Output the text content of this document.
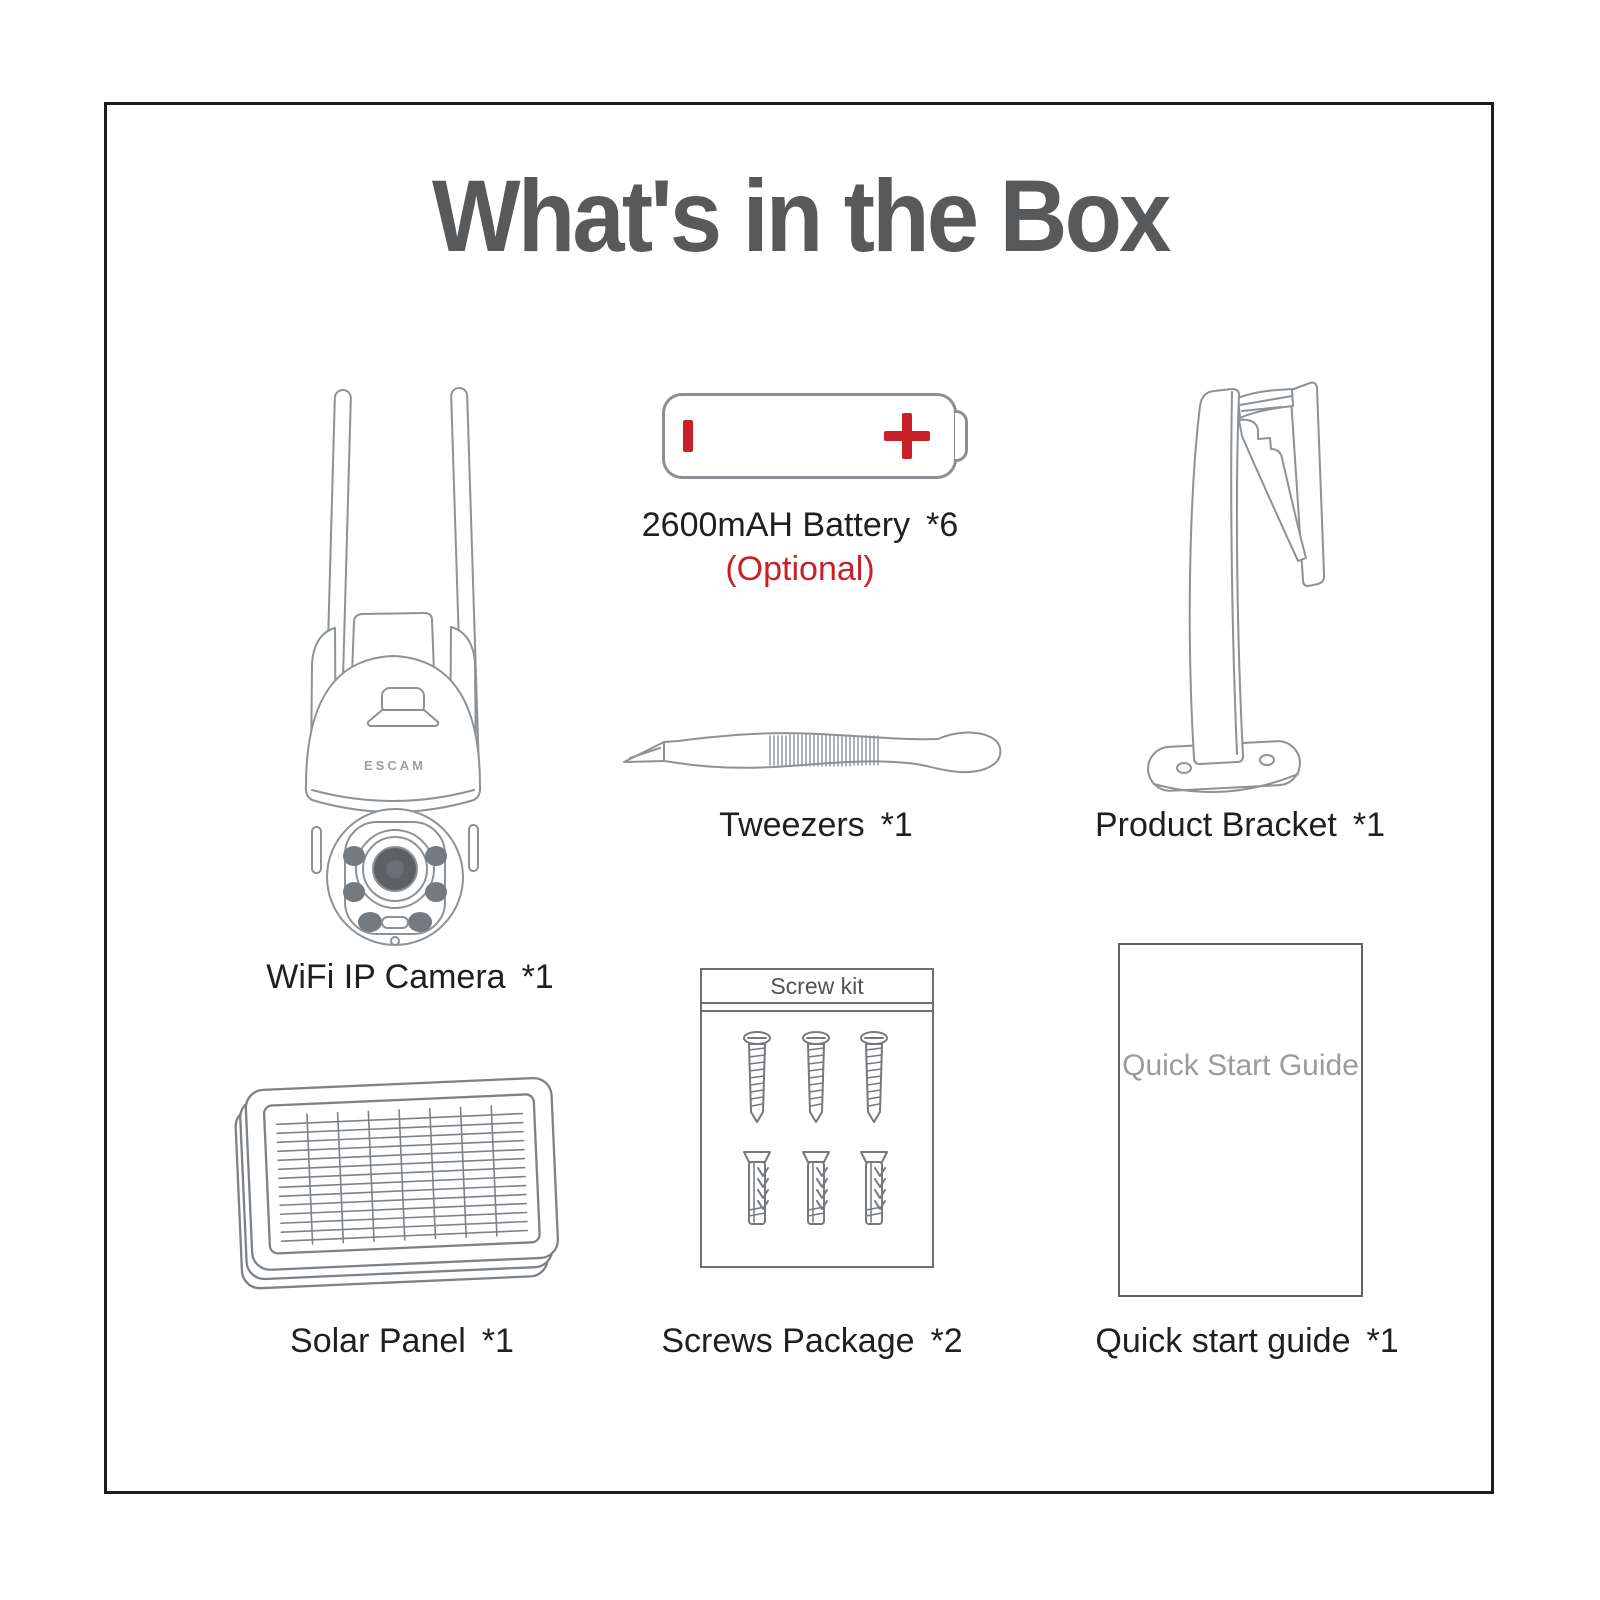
What's in the Box
ESCAM
WiFi IP Camera *1
2600mAH Battery *6
(Optional)
Tweezers *1	Product Bracket *1
Solar Panel *1
Screw kit
Screws Package *2
Quick Start Guide
Quick start guide *1
